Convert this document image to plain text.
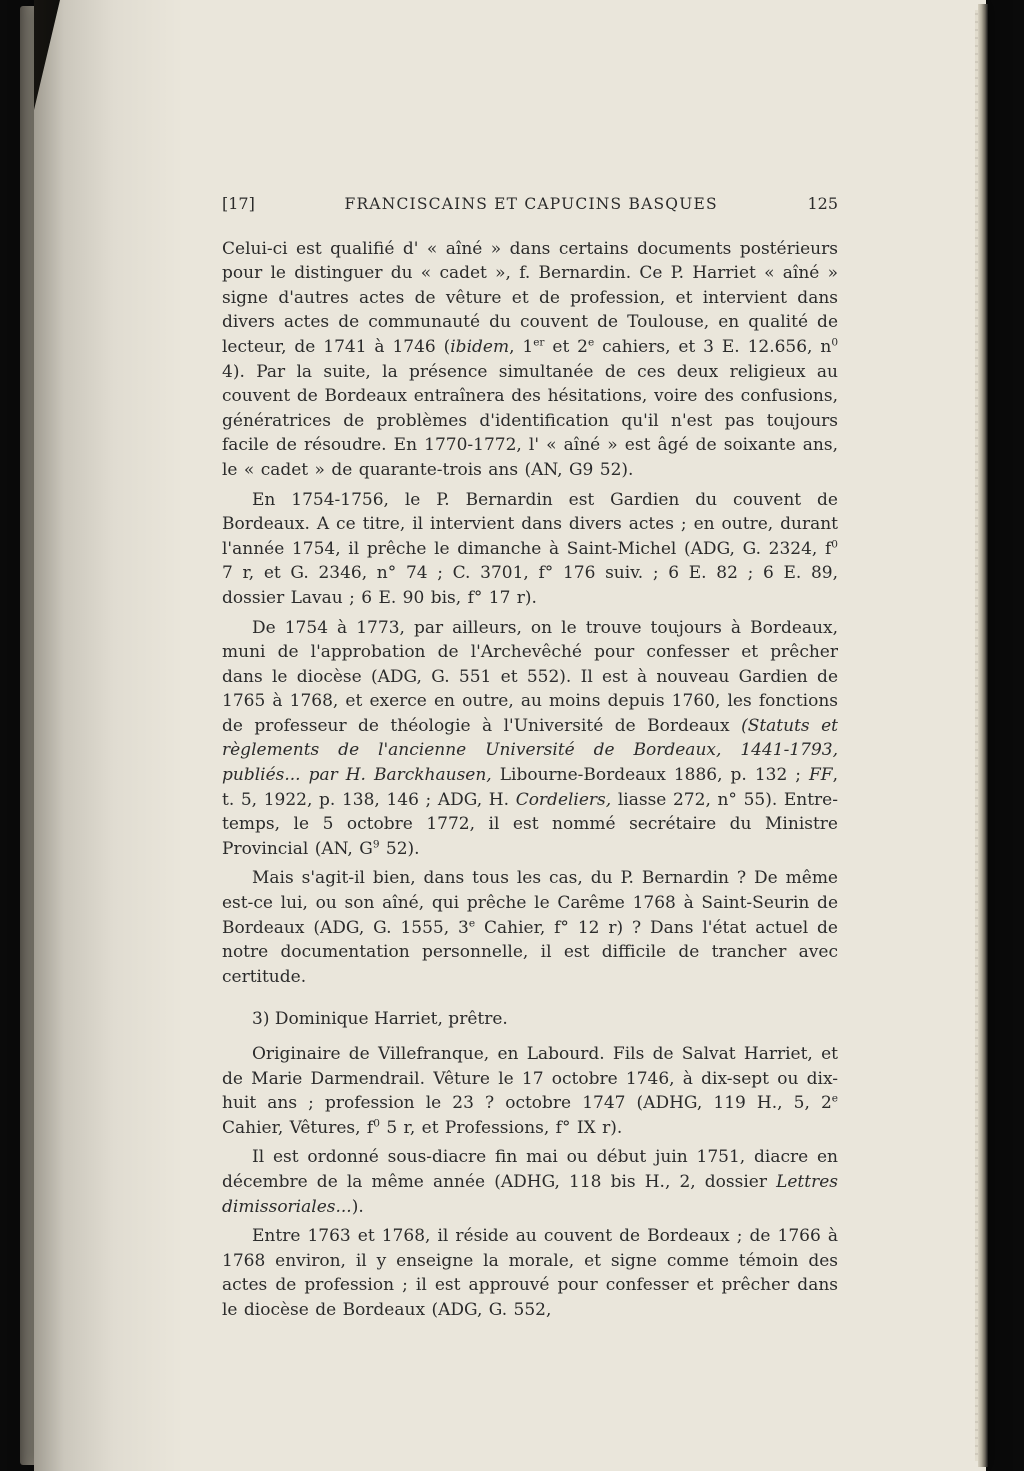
[17]	FRANCISCAINS ET CAPUCINS BASQUES	125

Celui-ci est qualifié d' « aîné » dans certains documents postérieurs pour le distinguer du « cadet », f. Bernardin. Ce P. Harriet « aîné » signe d'autres actes de vêture et de profession, et intervient dans divers actes de communauté du couvent de Toulouse, en qualité de lecteur, de 1741 à 1746 (ibidem, 1er et 2e cahiers, et 3 E. 12.656, $n^0$ 4). Par la suite, la présence simultanée de ces deux religieux au couvent de Bordeaux entraînera des hésitations, voire des confusions, génératrices de problèmes d'identification qu'il n'est pas toujours facile de résoudre. En 1770-1772, l' « aîné » est âgé de soixante ans, le « cadet » de quarante-trois ans (AN, G9 52).

En 1754-1756, le P. Bernardin est Gardien du couvent de Bordeaux. A ce titre, il intervient dans divers actes ; en outre, durant l'année 1754, il prêche le dimanche à Saint-Michel (ADG, G. 2324, $f^0$ 7 r, et G. 2346, n° 74 ; C. 3701, f° 176 suiv. ; 6 E. 82 ; 6 E. 89, dossier Lavau ; 6 E. 90 bis, f° 17 r).

De 1754 à 1773, par ailleurs, on le trouve toujours à Bordeaux, muni de l'approbation de l'Archevêché pour confesser et prêcher dans le diocèse (ADG, G. 551 et 552). Il est à nouveau Gardien de 1765 à 1768, et exerce en outre, au moins depuis 1760, les fonctions de professeur de théologie à l'Université de Bordeaux (Statuts et règlements de l'ancienne Université de Bordeaux, 1441-1793, publiés... par H. Barckhausen, Libourne-Bordeaux 1886, p. 132 ; FF, t. 5, 1922, p. 138, 146 ; ADG, H. Cordeliers, liasse 272, n° 55). Entre-temps, le 5 octobre 1772, il est nommé secrétaire du Ministre Provincial (AN, $G^9$ 52).

Mais s'agit-il bien, dans tous les cas, du P. Bernardin ? De même est-ce lui, ou son aîné, qui prêche le Carême 1768 à Saint-Seurin de Bordeaux (ADG, G. 1555, 3e Cahier, f° 12 r) ? Dans l'état actuel de notre documentation personnelle, il est difficile de trancher avec certitude.

3) Dominique Harriet, prêtre.

Originaire de Villefranque, en Labourd. Fils de Salvat Harriet, et de Marie Darmendrail. Vêture le 17 octobre 1746, à dix-sept ou dix-huit ans ; profession le 23 ? octobre 1747 (ADHG, 119 H., 5, 2e Cahier, Vêtures, $f^0$ 5 r, et Professions, f° IX r).

Il est ordonné sous-diacre fin mai ou début juin 1751, diacre en décembre de la même année (ADHG, 118 bis H., 2, dossier Lettres dimissoriales...).

Entre 1763 et 1768, il réside au couvent de Bordeaux ; de 1766 à 1768 environ, il y enseigne la morale, et signe comme témoin des actes de profession ; il est approuvé pour confesser et prêcher dans le diocèse de Bordeaux (ADG, G. 552,
